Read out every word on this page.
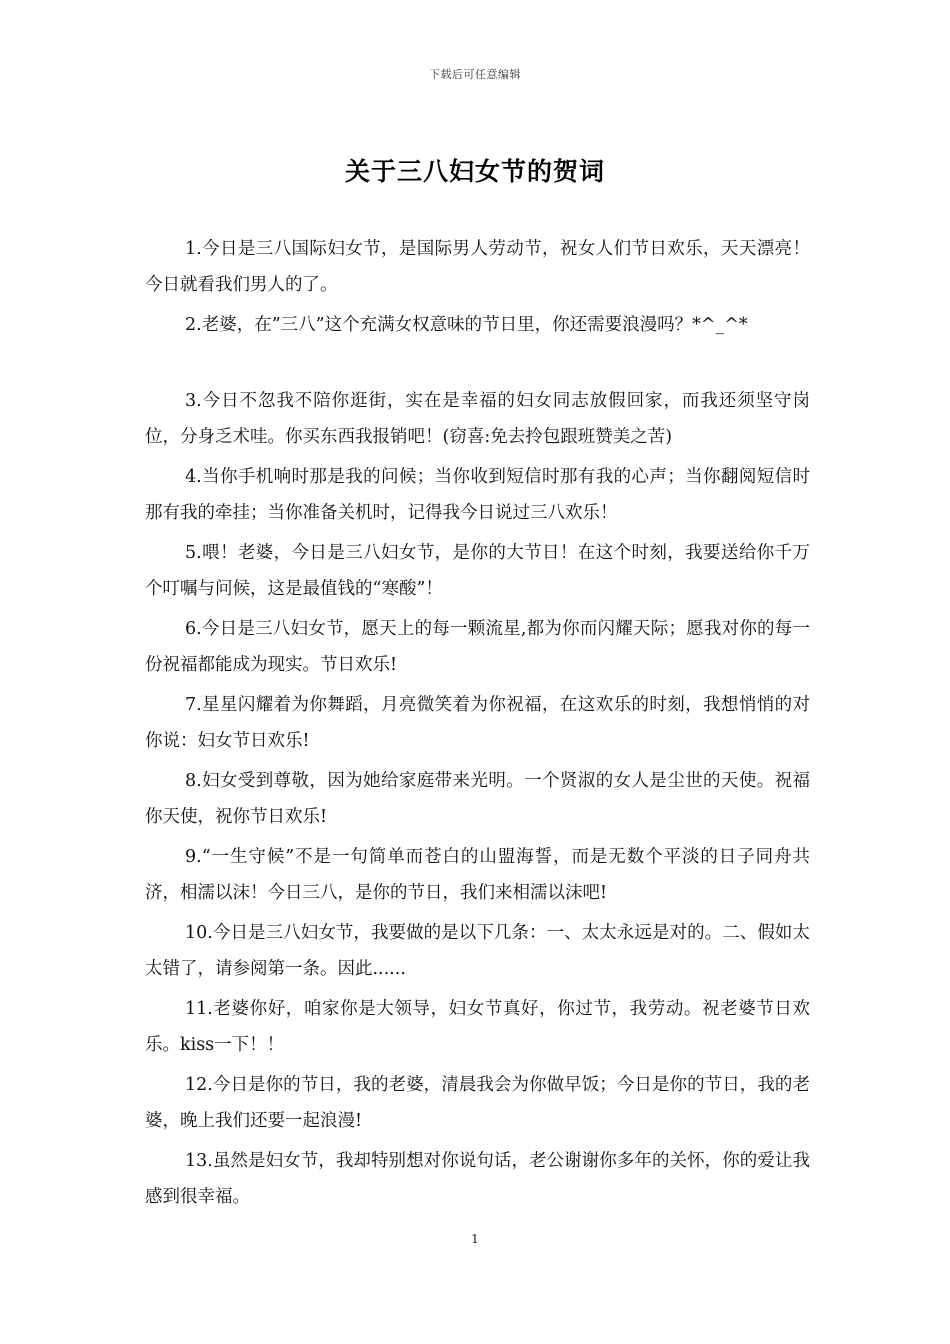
下载后可任意编辑
关于三八妇女节的贺词

1.今日是三八国际妇女节，是国际男人劳动节，祝女人们节日欢乐，天天漂亮！今日就看我们男人的了。

2.老婆，在”三八”这个充满女权意味的节日里，你还需要浪漫吗？*^_^*

3.今日不忽我不陪你逛街，实在是幸福的妇女同志放假回家，而我还须坚守岗位，分身乏术哇。你买东西我报销吧！(窃喜:免去拎包跟班赞美之苦)

4.当你手机响时那是我的问候；当你收到短信时那有我的心声；当你翻阅短信时那有我的牵挂；当你准备关机时，记得我今日说过三八欢乐！

5.喂！老婆，今日是三八妇女节，是你的大节日！在这个时刻，我要送给你千万个叮嘱与问候，这是最值钱的“寒酸”！

6.今日是三八妇女节，愿天上的每一颗流星,都为你而闪耀天际；愿我对你的每一份祝福都能成为现实。节日欢乐!

7.星星闪耀着为你舞蹈，月亮微笑着为你祝福，在这欢乐的时刻，我想悄悄的对你说：妇女节日欢乐!

8.妇女受到尊敬，因为她给家庭带来光明。一个贤淑的女人是尘世的天使。祝福你天使，祝你节日欢乐!

9.“一生守候”不是一句简单而苍白的山盟海誓，而是无数个平淡的日子同舟共济，相濡以沫！今日三八，是你的节日，我们来相濡以沫吧!

10.今日是三八妇女节，我要做的是以下几条：一、太太永远是对的。二、假如太太错了，请参阅第一条。因此......

11.老婆你好，咱家你是大领导，妇女节真好，你过节，我劳动。祝老婆节日欢乐。kiss一下！！

12.今日是你的节日，我的老婆，清晨我会为你做早饭；今日是你的节日，我的老婆，晚上我们还要一起浪漫!

13.虽然是妇女节，我却特别想对你说句话，老公谢谢你多年的关怀，你的爱让我感到很幸福。

1
